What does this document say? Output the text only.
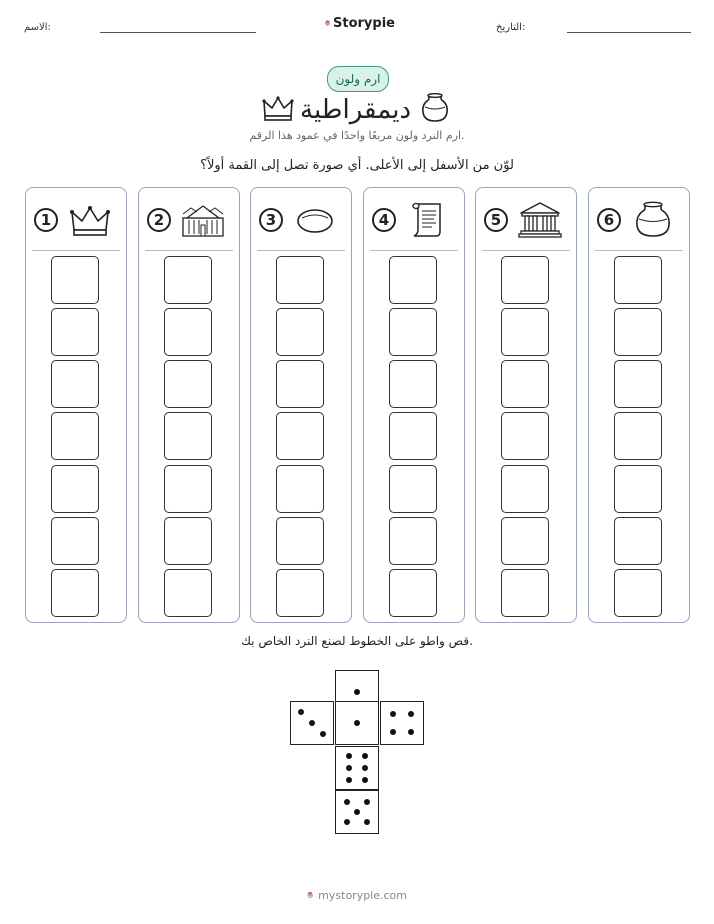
الاسم:	Storypie	التاريخ:
ارم ولون
ديمقراطية
ارم النرد ولون مربعًا واحدًا في عمود هذا الرقم.
لوّن من الأسفل إلى الأعلى. أي صورة تصل إلى القمة أولاً؟
1	2	3	4	5	6
قص واطو على الخطوط لصنع النرد الخاص بك.
mystorypie.com
